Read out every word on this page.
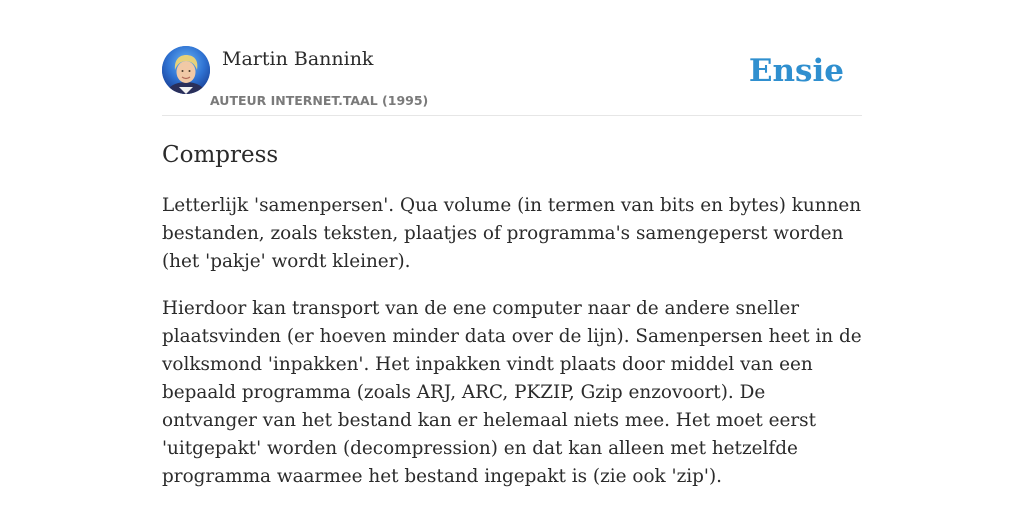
Martin Bannink
AUTEUR INTERNET.TAAL (1995)
Ensie
Compress

Letterlijk 'samenpersen'. Qua volume (in termen van bits en bytes) kunnen bestanden, zoals teksten, plaatjes of programma's samengeperst worden (het 'pakje' wordt kleiner).

Hierdoor kan transport van de ene computer naar de andere sneller plaatsvinden (er hoeven minder data over de lijn). Samenpersen heet in de volksmond 'inpakken'. Het inpakken vindt plaats door middel van een bepaald programma (zoals ARJ, ARC, PKZIP, Gzip enzovoort). De ontvanger van het bestand kan er helemaal niets mee. Het moet eerst 'uitgepakt' worden (decompression) en dat kan alleen met hetzelfde programma waarmee het bestand ingepakt is (zie ook 'zip').
